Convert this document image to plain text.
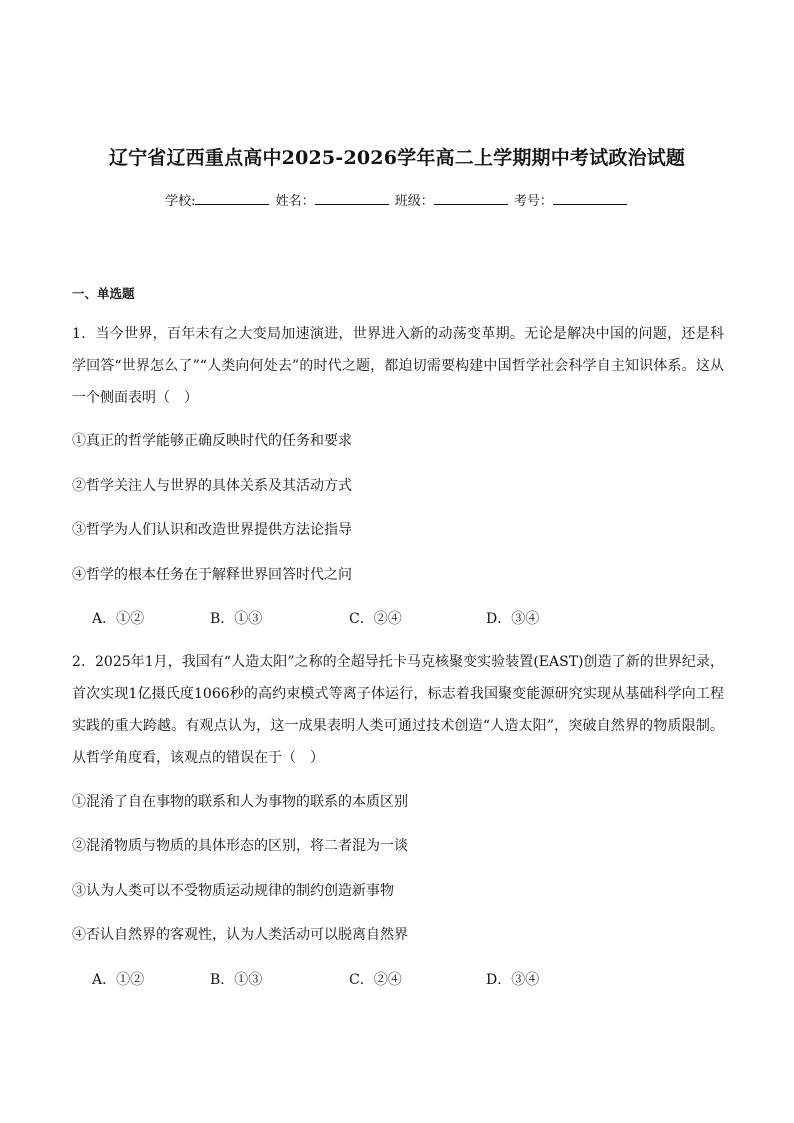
辽宁省辽西重点高中2025-2026学年高二上学期期中考试政治试题
学校:	姓名：	班级：	考号：
一、单选题
1．当今世界，百年未有之大变局加速演进，世界进入新的动荡变革期。无论是解决中国的问题，还是科学回答“世界怎么了”“人类向何处去”的时代之题，都迫切需要构建中国哲学社会科学自主知识体系。这从一个侧面表明（　）
①真正的哲学能够正确反映时代的任务和要求
②哲学关注人与世界的具体关系及其活动方式
③哲学为人们认识和改造世界提供方法论指导
④哲学的根本任务在于解释世界回答时代之问
A．①②	B．①③	C．②④	D．③④
2．2025年1月，我国有“人造太阳”之称的全超导托卡马克核聚变实验装置(EAST)创造了新的世界纪录，首次实现1亿摄氏度1066秒的高约束模式等离子体运行，标志着我国聚变能源研究实现从基础科学向工程实践的重大跨越。有观点认为，这一成果表明人类可通过技术创造“人造太阳”，突破自然界的物质限制。从哲学角度看，该观点的错误在于（　）
①混淆了自在事物的联系和人为事物的联系的本质区别
②混淆物质与物质的具体形态的区别，将二者混为一谈
③认为人类可以不受物质运动规律的制约创造新事物
④否认自然界的客观性，认为人类活动可以脱离自然界
A．①②	B．①③	C．②④	D．③④
